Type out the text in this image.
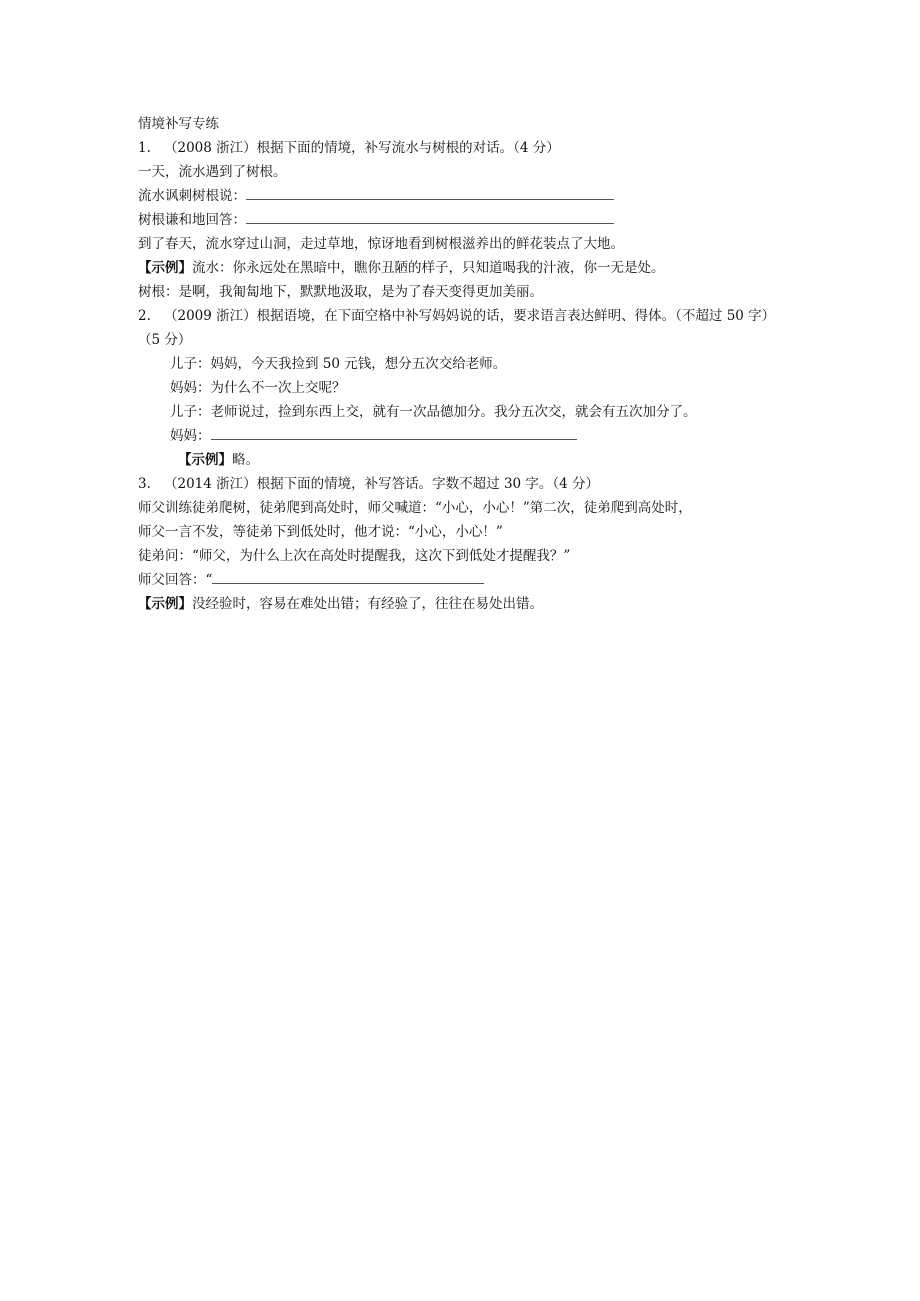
情境补写专练
1. （2008 浙江）根据下面的情境，补写流水与树根的对话。（4 分）
一天，流水遇到了树根。
流水讽刺树根说：
树根谦和地回答：
到了春天，流水穿过山洞，走过草地，惊讶地看到树根滋养出的鲜花装点了大地。
【示例】流水：你永远处在黑暗中，瞧你丑陋的样子，只知道喝我的汁液，你一无是处。
树根：是啊，我匍匐地下，默默地汲取，是为了春天变得更加美丽。
2. （2009 浙江）根据语境，在下面空格中补写妈妈说的话，要求语言表达鲜明、得体。（不超过 50 字）（5 分）
儿子：妈妈，今天我捡到 50 元钱，想分五次交给老师。
妈妈：为什么不一次上交呢？
儿子：老师说过，捡到东西上交，就有一次品德加分。我分五次交，就会有五次加分了。
妈妈：
【示例】略。
3. （2014 浙江）根据下面的情境，补写答话。字数不超过 30 字。（4 分）
师父训练徒弟爬树，徒弟爬到高处时，师父喊道：“小心，小心！”第二次，徒弟爬到高处时，
师父一言不发，等徒弟下到低处时，他才说：“小心，小心！”
徒弟问：“师父，为什么上次在高处时提醒我，这次下到低处才提醒我？”
师父回答：“
【示例】没经验时，容易在难处出错；有经验了，往往在易处出错。
